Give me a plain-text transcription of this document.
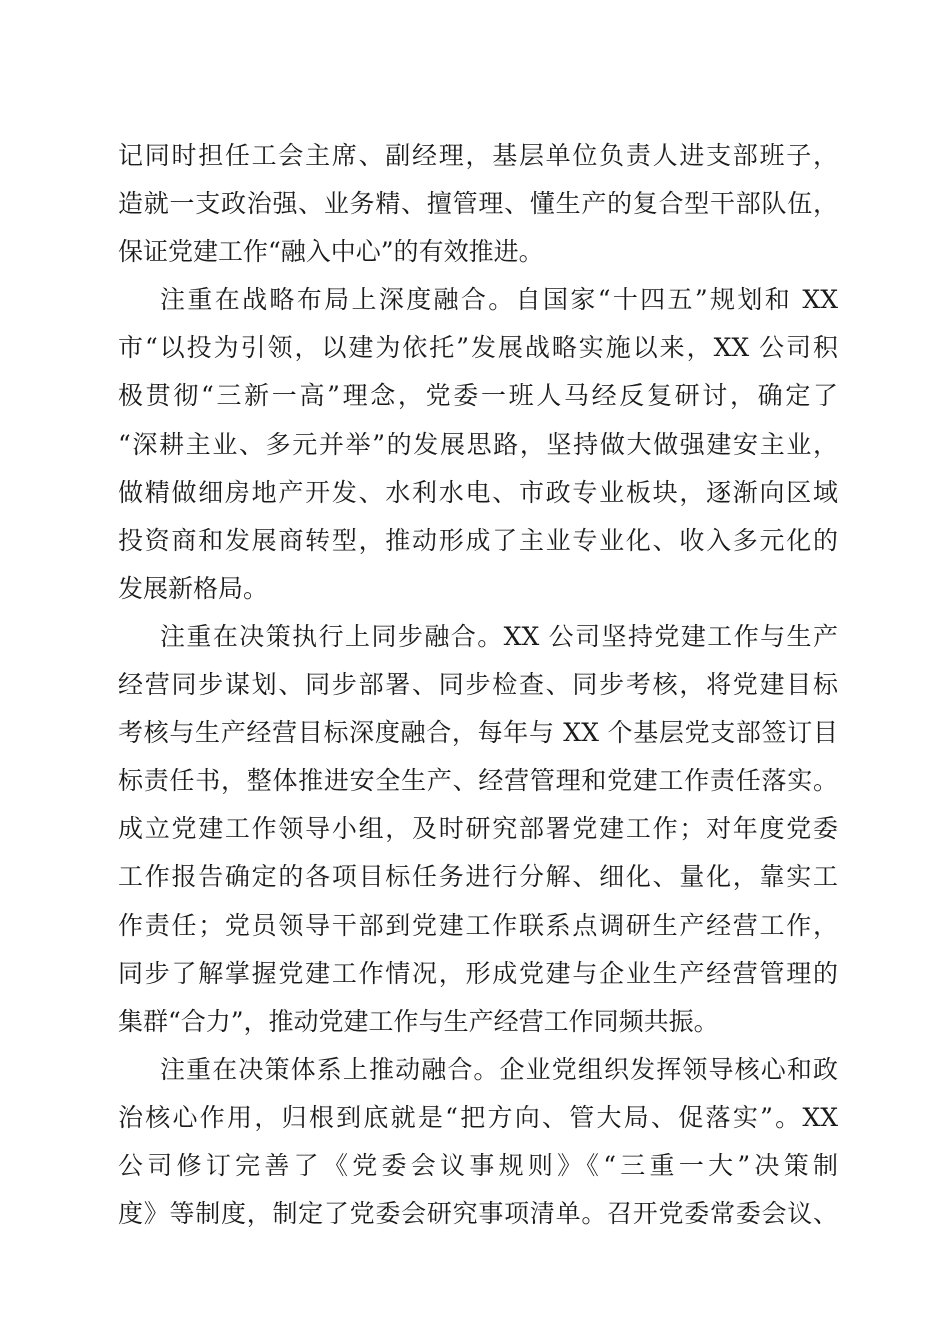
记同时担任工会主席、副经理，基层单位负责人进支部班子，
造就一支政治强、业务精、擅管理、懂生产的复合型干部队伍，
保证党建工作“融入中心”的有效推进。
注重在战略布局上深度融合。自国家“十四五”规划和 XX
市“以投为引领，以建为依托”发展战略实施以来，XX 公司积
极贯彻“三新一高”理念，党委一班人马经反复研讨，确定了
“深耕主业、多元并举”的发展思路，坚持做大做强建安主业，
做精做细房地产开发、水利水电、市政专业板块，逐渐向区域
投资商和发展商转型，推动形成了主业专业化、收入多元化的
发展新格局。
注重在决策执行上同步融合。XX 公司坚持党建工作与生产
经营同步谋划、同步部署、同步检查、同步考核，将党建目标
考核与生产经营目标深度融合，每年与 XX 个基层党支部签订目
标责任书，整体推进安全生产、经营管理和党建工作责任落实。
成立党建工作领导小组，及时研究部署党建工作；对年度党委
工作报告确定的各项目标任务进行分解、细化、量化，靠实工
作责任；党员领导干部到党建工作联系点调研生产经营工作，
同步了解掌握党建工作情况，形成党建与企业生产经营管理的
集群“合力”，推动党建工作与生产经营工作同频共振。
注重在决策体系上推动融合。企业党组织发挥领导核心和政
治核心作用，归根到底就是“把方向、管大局、促落实”。XX
公司修订完善了《党委会议事规则》《“三重一大”决策制
度》等制度，制定了党委会研究事项清单。召开党委常委会议、
